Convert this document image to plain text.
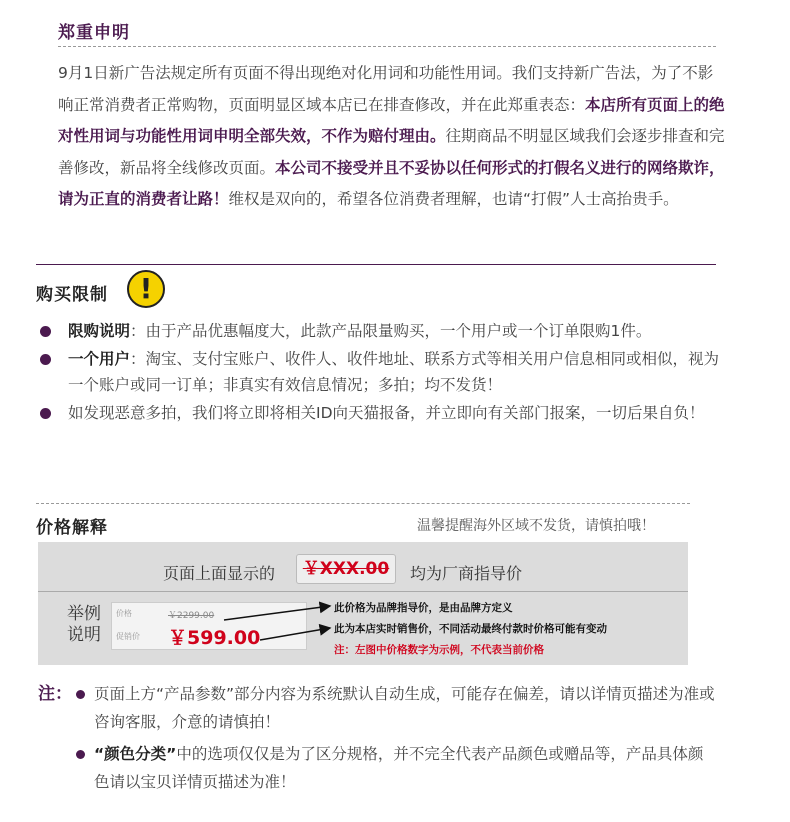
郑重申明
9月1日新广告法规定所有页面不得出现绝对化用词和功能性用词。我们支持新广告法，为了不影响正常消费者正常购物，页面明显区域本店已在排查修改，并在此郑重表态：本店所有页面上的绝对性用词与功能性用词申明全部失效，不作为赔付理由。往期商品不明显区域我们会逐步排查和完善修改，新品将全线修改页面。本公司不接受并且不妥协以任何形式的打假名义进行的网络欺诈，请为正直的消费者让路！维权是双向的，希望各位消费者理解，也请“打假”人士高抬贵手。
购买限制	!
限购说明：由于产品优惠幅度大，此款产品限量购买，一个用户或一个订单限购1件。
一个用户：淘宝、支付宝账户、收件人、收件地址、联系方式等相关用户信息相同或相似，视为一个账户或同一订单；非真实有效信息情况；多拍；均不发货！
如发现恶意多拍，我们将立即将相关ID向天猫报备，并立即向有关部门报案，一切后果自负！
价格解释	温馨提醒海外区域不发货，请慎拍哦！
页面上面显示的	￥XXX.00	均为厂商指导价
举例
说明
价格	￥2299.00
促销价 ￥599.00
此价格为品牌指导价，是由品牌方定义
此为本店实时销售价，不同活动最终付款时价格可能有变动
注：左图中价格数字为示例，不代表当前价格
注： 页面上方“产品参数”部分内容为系统默认自动生成，可能存在偏差，请以详情页描述为准或咨询客服，介意的请慎拍！
“颜色分类”中的选项仅仅是为了区分规格，并不完全代表产品颜色或赠品等，产品具体颜色请以宝贝详情页描述为准！
